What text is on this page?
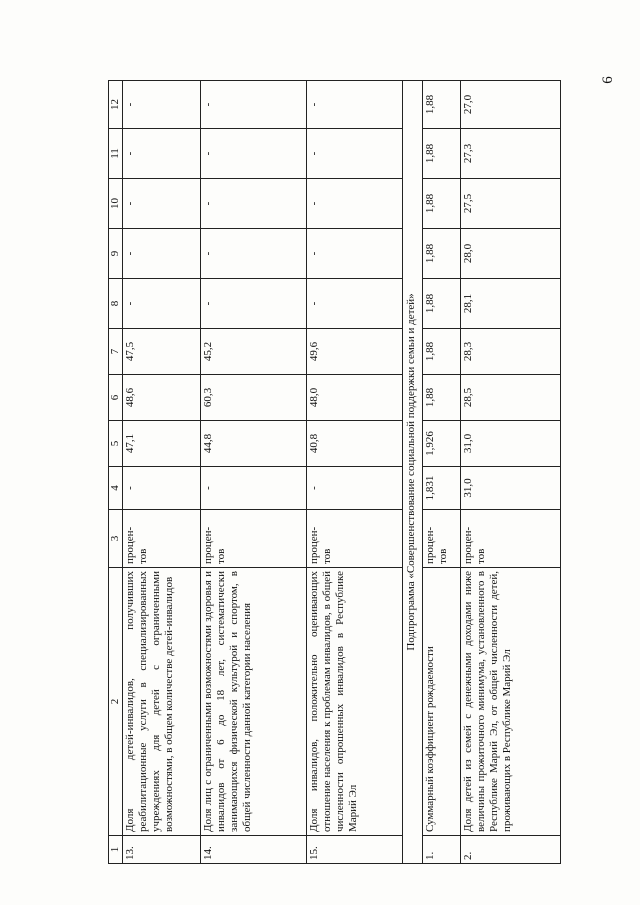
6
1	2	3	4	5	6	7	8	9	10	11	12
13.	Доля детей-инвалидов, получивших реабилитационные услуги в специализированных учреждениях для детей с ограниченными возможностями, в общем количестве детей-инвалидов	процен-тов	-	47,1	48,6	47,5	-	-	-	-	-
14.	Доля лиц с ограниченными возможностями здоровья и инвалидов от 6 до 18 лет, систематически занимающихся физической культурой и спортом, в общей численности данной категории населения	процен-тов	-	44,8	60,3	45,2	-	-	-	-	-
15.	Доля инвалидов, положительно оценивающих отношение населения к проблемам инвалидов, в общей численности опрошенных инвалидов в Республике Марий Эл	процен-тов	-	40,8	48,0	49,6	-	-	-	-	-
Подпрограмма «Совершенствование социальной поддержки семьи и детей»											
1.	Суммарный коэффициент рождаемости	процен-тов	1,831	1,926	1,88	1,88	1,88	1,88	1,88	1,88	1,88
2.	Доля детей из семей с денежными доходами ниже величины прожиточного минимума, установленного в Республике Марий Эл, от общей численности детей, проживающих в Республике Марий Эл	процен-тов	31,0	31,0	28,5	28,3	28,1	28,0	27,5	27,3	27,0
